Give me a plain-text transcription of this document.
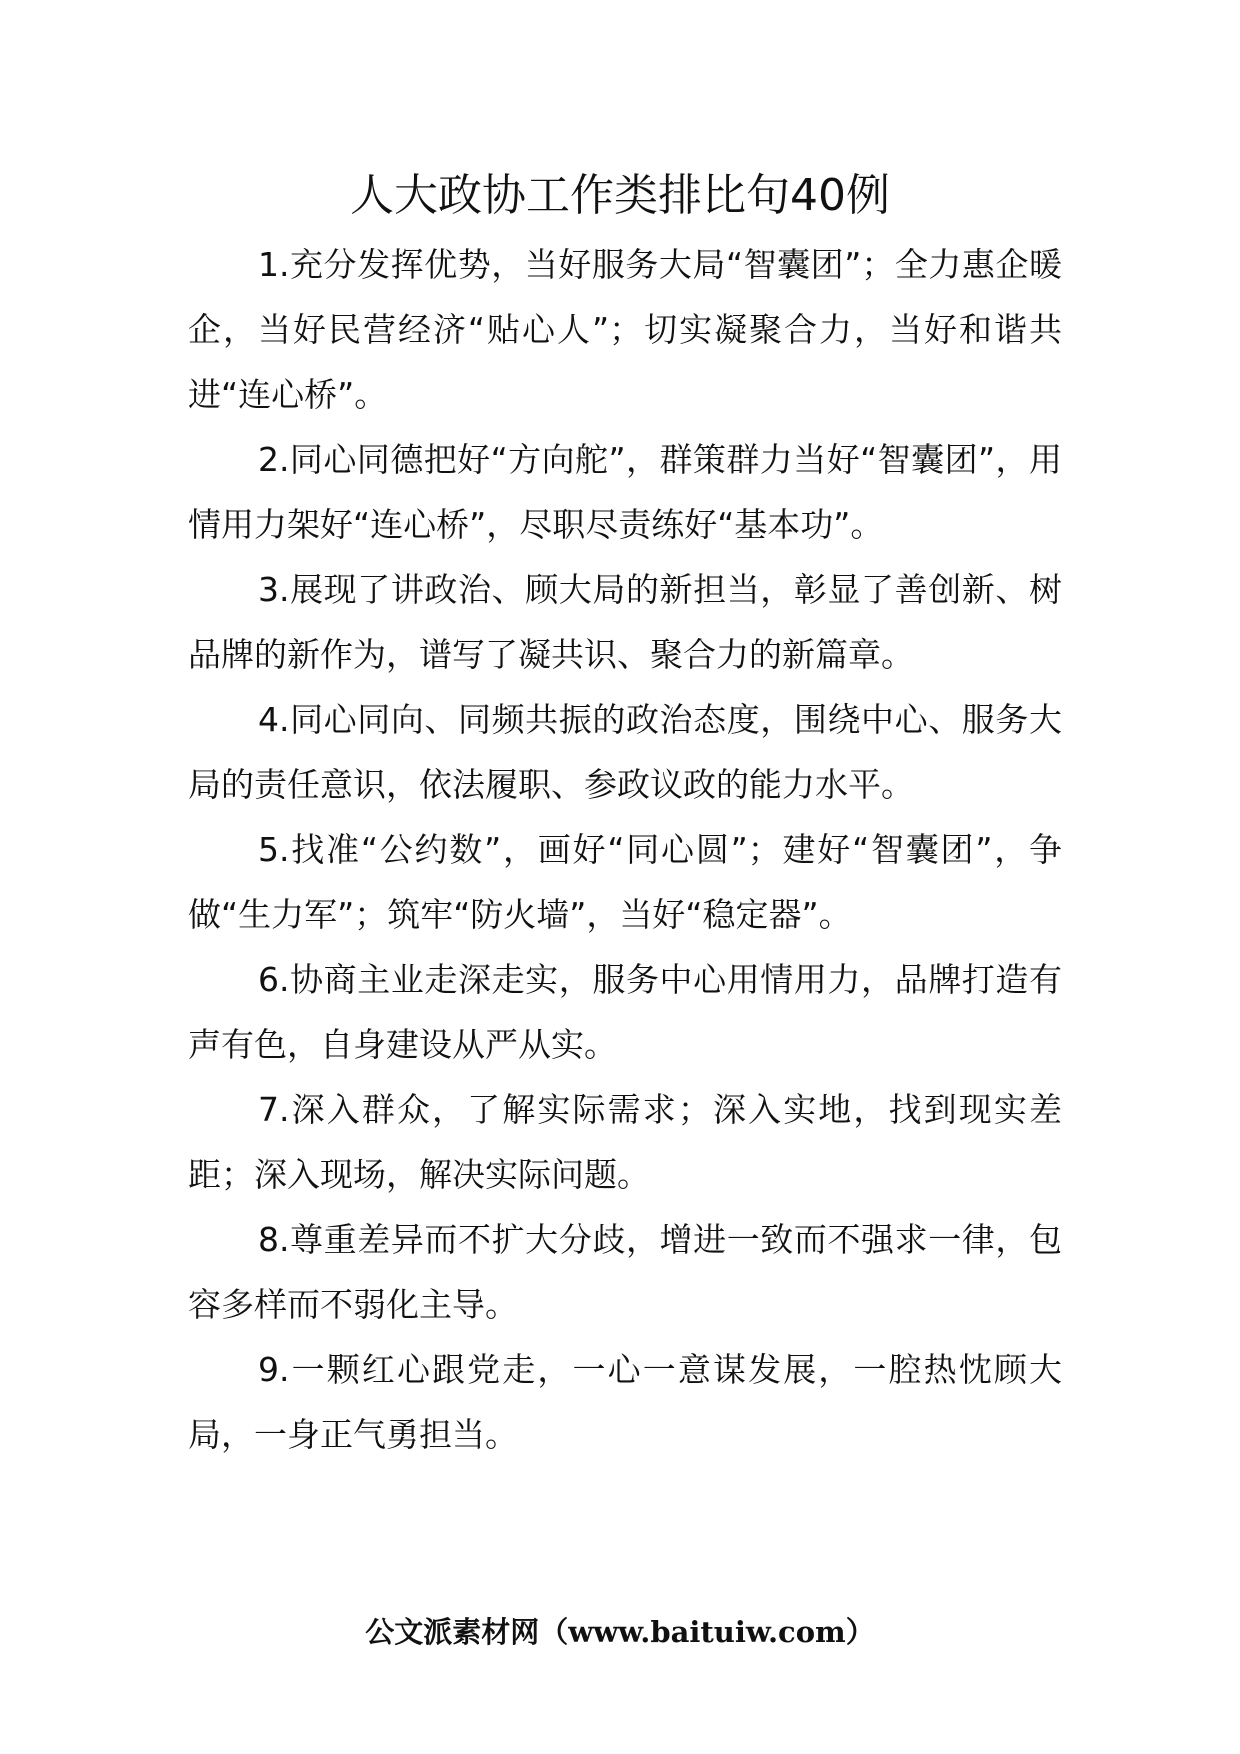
人大政协工作类排比句40例

1.充分发挥优势，当好服务大局“智囊团”；全力惠企暖企，当好民营经济“贴心人”；切实凝聚合力，当好和谐共进“连心桥”。

2.同心同德把好“方向舵”，群策群力当好“智囊团”，用情用力架好“连心桥”，尽职尽责练好“基本功”。

3.展现了讲政治、顾大局的新担当，彰显了善创新、树品牌的新作为，谱写了凝共识、聚合力的新篇章。

4.同心同向、同频共振的政治态度，围绕中心、服务大局的责任意识，依法履职、参政议政的能力水平。

5.找准“公约数”，画好“同心圆”；建好“智囊团”，争做“生力军”；筑牢“防火墙”，当好“稳定器”。

6.协商主业走深走实，服务中心用情用力，品牌打造有声有色，自身建设从严从实。

7.深入群众，了解实际需求；深入实地，找到现实差距；深入现场，解决实际问题。

8.尊重差异而不扩大分歧，增进一致而不强求一律，包容多样而不弱化主导。

9.一颗红心跟党走，一心一意谋发展，一腔热忱顾大局，一身正气勇担当。

公文派素材网（www.baituiw.com）
